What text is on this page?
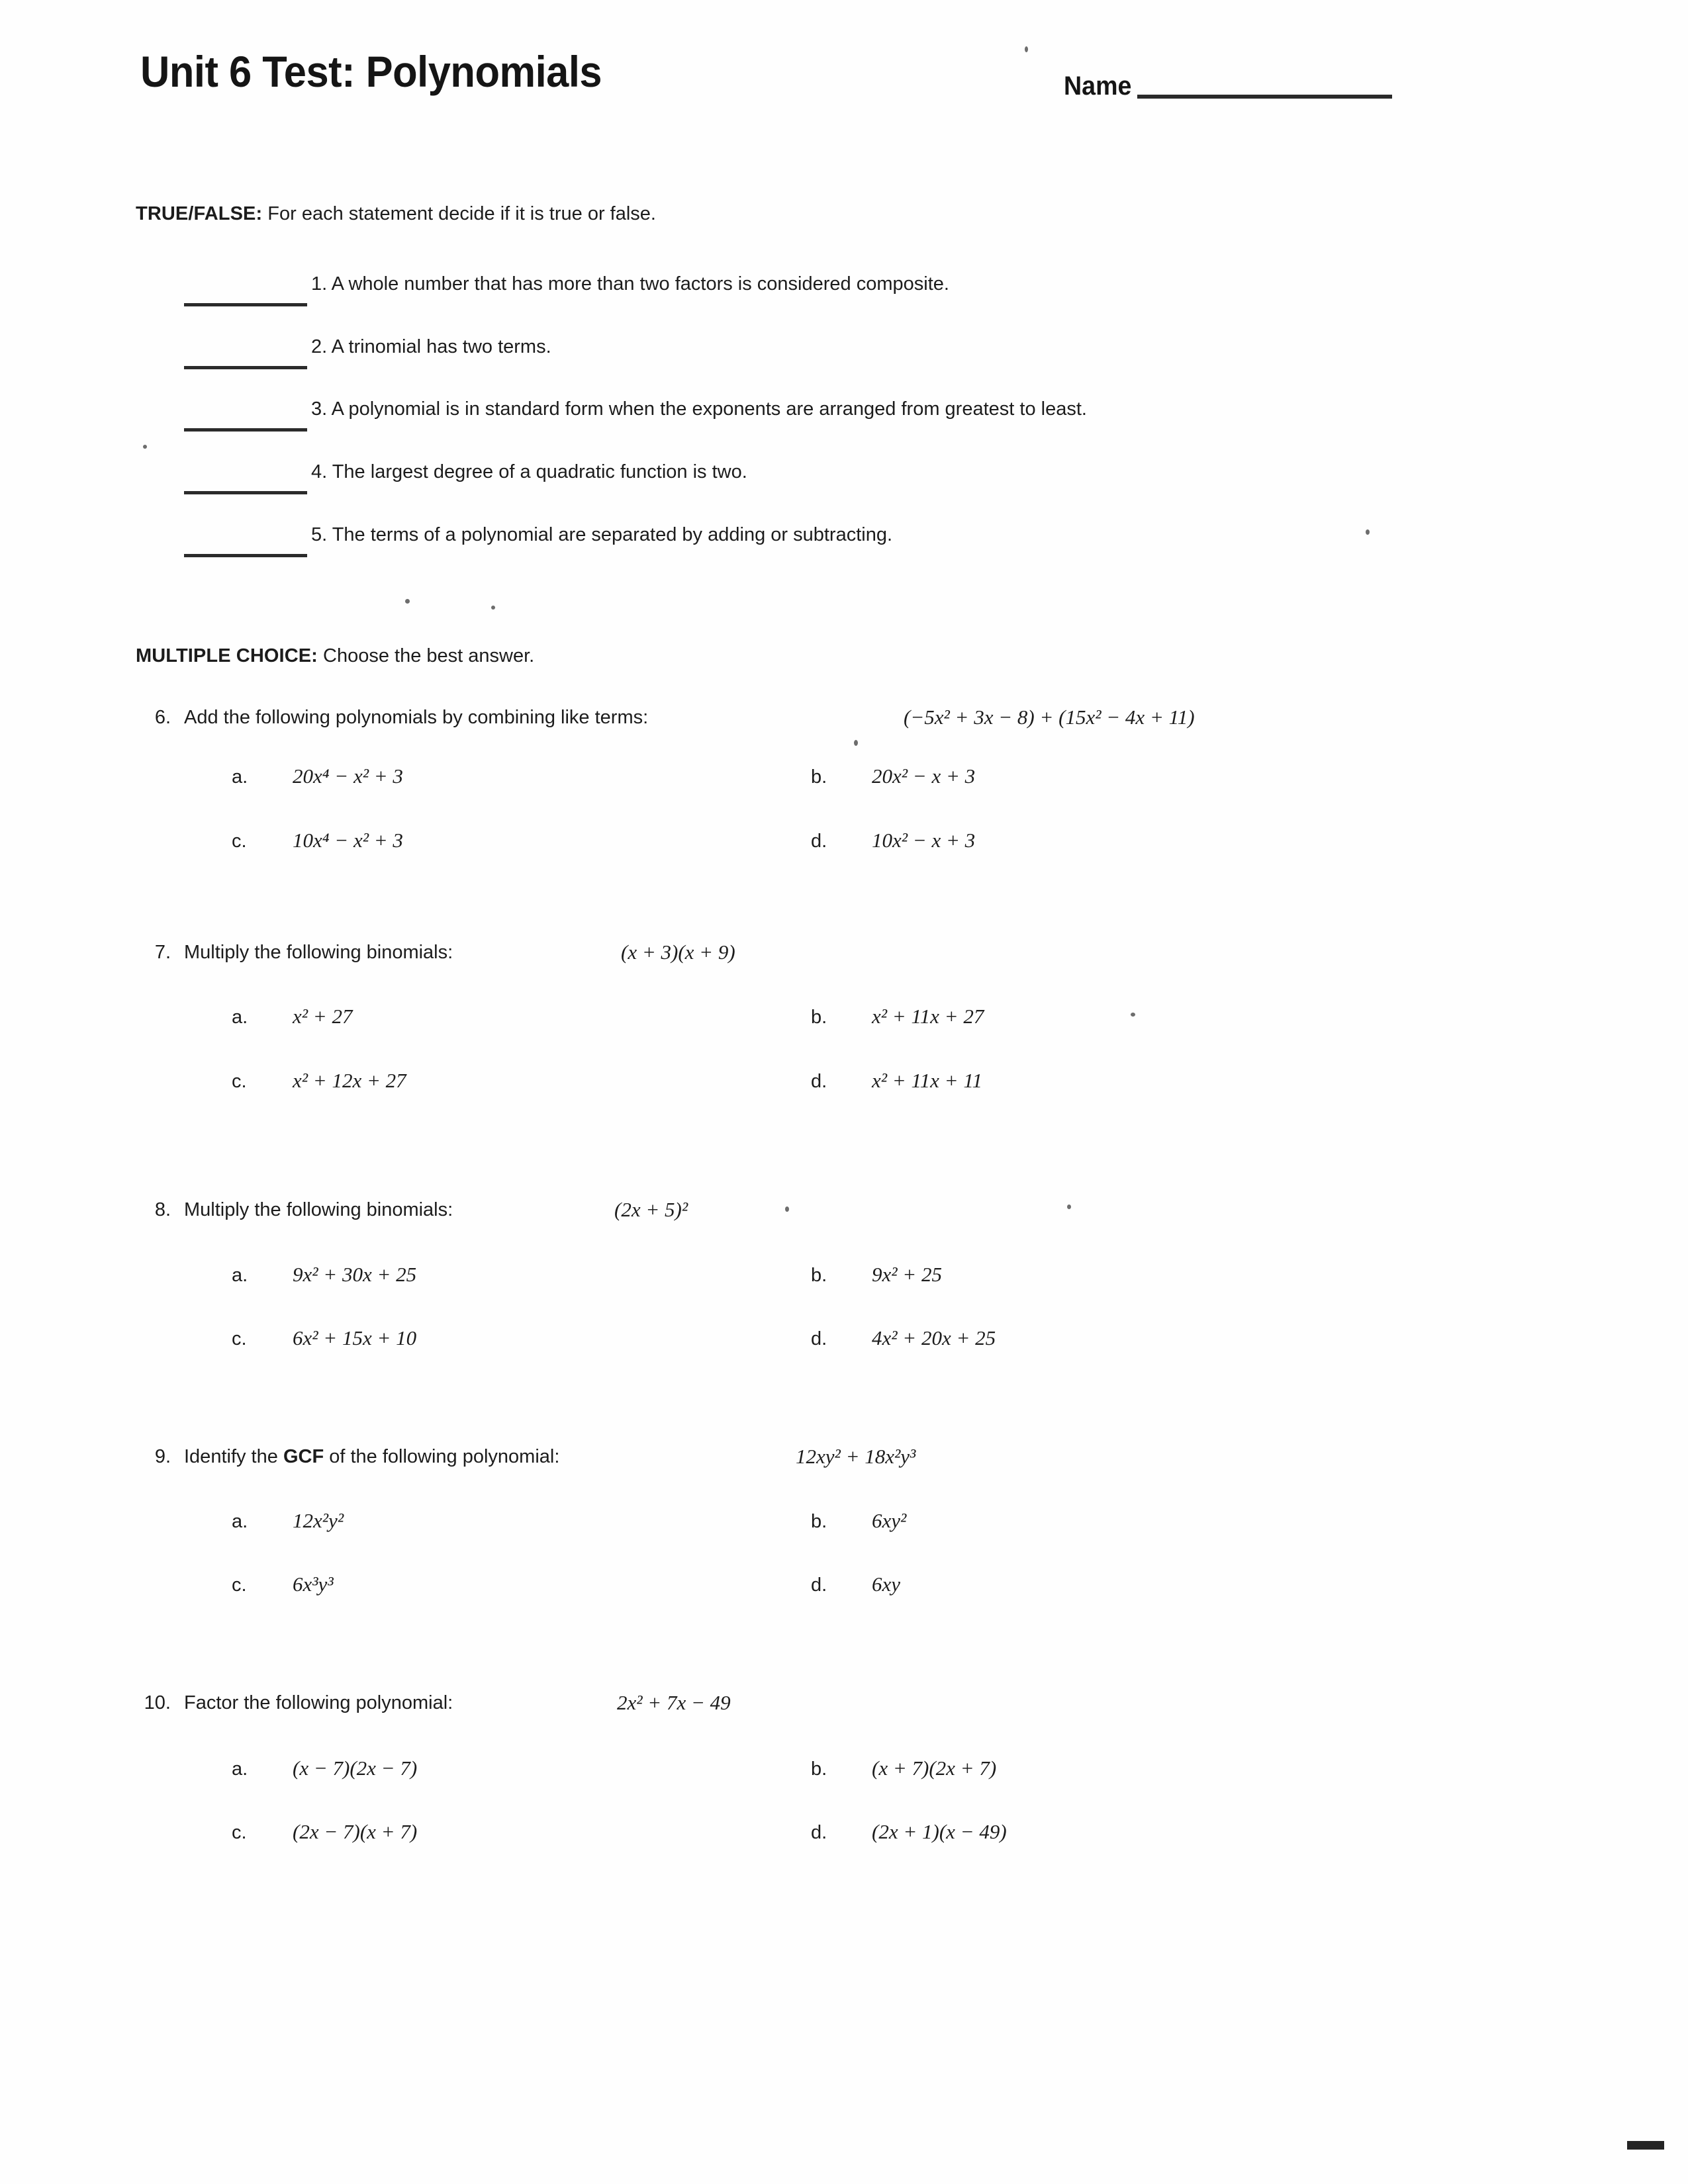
Unit 6 Test: Polynomials	Name
TRUE/FALSE: For each statement decide if it is true or false.
1. A whole number that has more than two factors is considered composite.
2. A trinomial has two terms.
3. A polynomial is in standard form when the exponents are arranged from greatest to least.
4. The largest degree of a quadratic function is two.
5. The terms of a polynomial are separated by adding or subtracting.
MULTIPLE CHOICE: Choose the best answer.
6. Add the following polynomials by combining like terms:	(−5x² + 3x − 8) + (15x² − 4x + 11)
a. 20x⁴ − x² + 3	b. 20x² − x + 3
c. 10x⁴ − x² + 3	d. 10x² − x + 3
7. Multiply the following binomials:	(x + 3)(x + 9)
a. x² + 27	b. x² + 11x + 27
c. x² + 12x + 27	d. x² + 11x + 11
8. Multiply the following binomials:	(2x + 5)²
a. 9x² + 30x + 25	b. 9x² + 25
c. 6x² + 15x + 10	d. 4x² + 20x + 25
9. Identify the GCF of the following polynomial:	12xy² + 18x²y³
a. 12x²y²	b. 6xy²
c. 6x³y³	d. 6xy
10. Factor the following polynomial:	2x² + 7x − 49
a. (x − 7)(2x − 7)	b. (x + 7)(2x + 7)
c. (2x − 7)(x + 7)	d. (2x + 1)(x − 49)
